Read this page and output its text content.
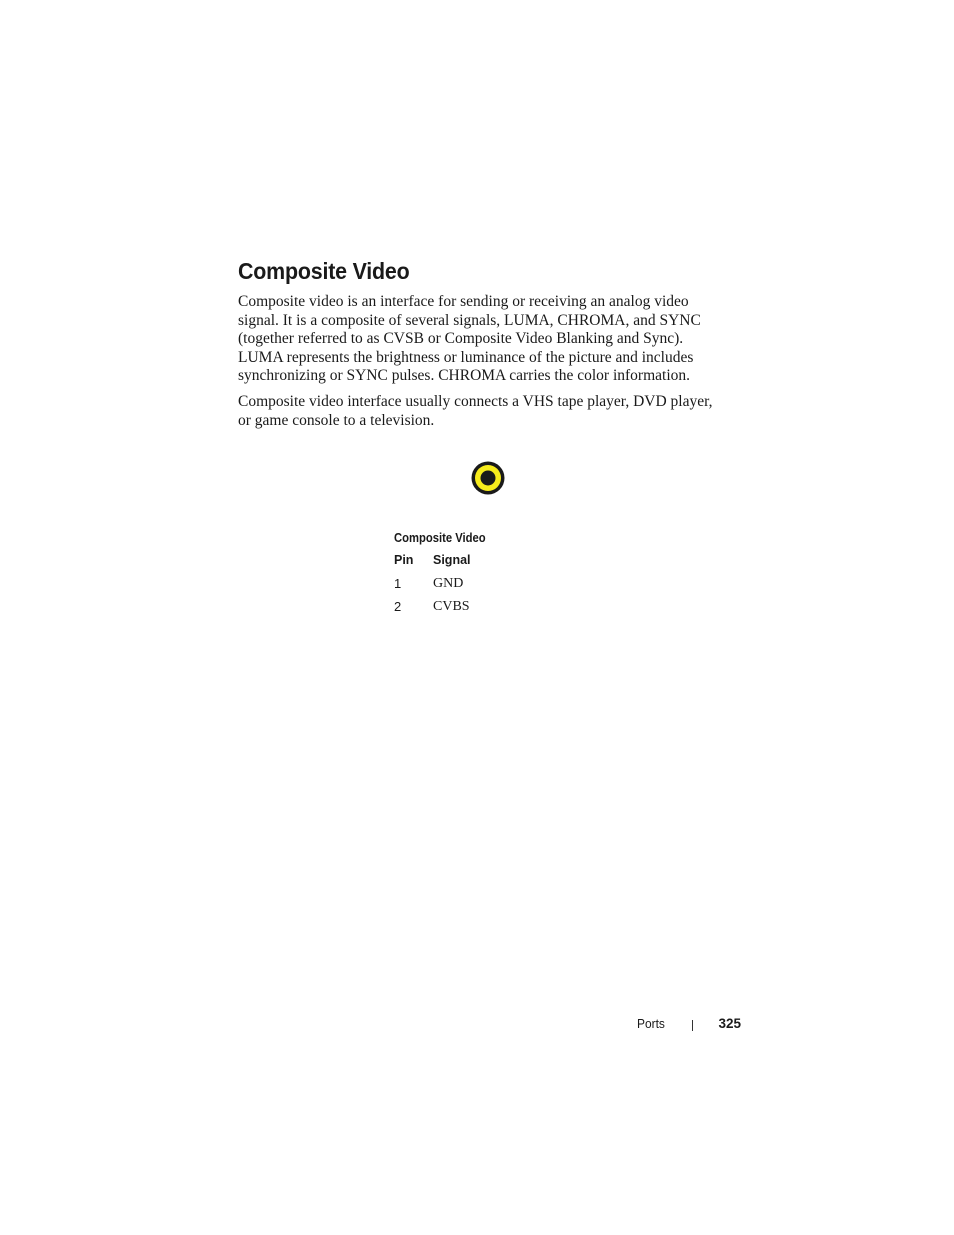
Composite Video

Composite video is an interface for sending or receiving an analog video
signal. It is a composite of several signals, LUMA, CHROMA, and SYNC
(together referred to as CVSB or Composite Video Blanking and Sync).
LUMA represents the brightness or luminance of the picture and includes
synchronizing or SYNC pulses. CHROMA carries the color information.

Composite video interface usually connects a VHS tape player, DVD player,
or game console to a television.

Composite Video
Pin	Signal
1	GND
2	CVBS
Ports	325
